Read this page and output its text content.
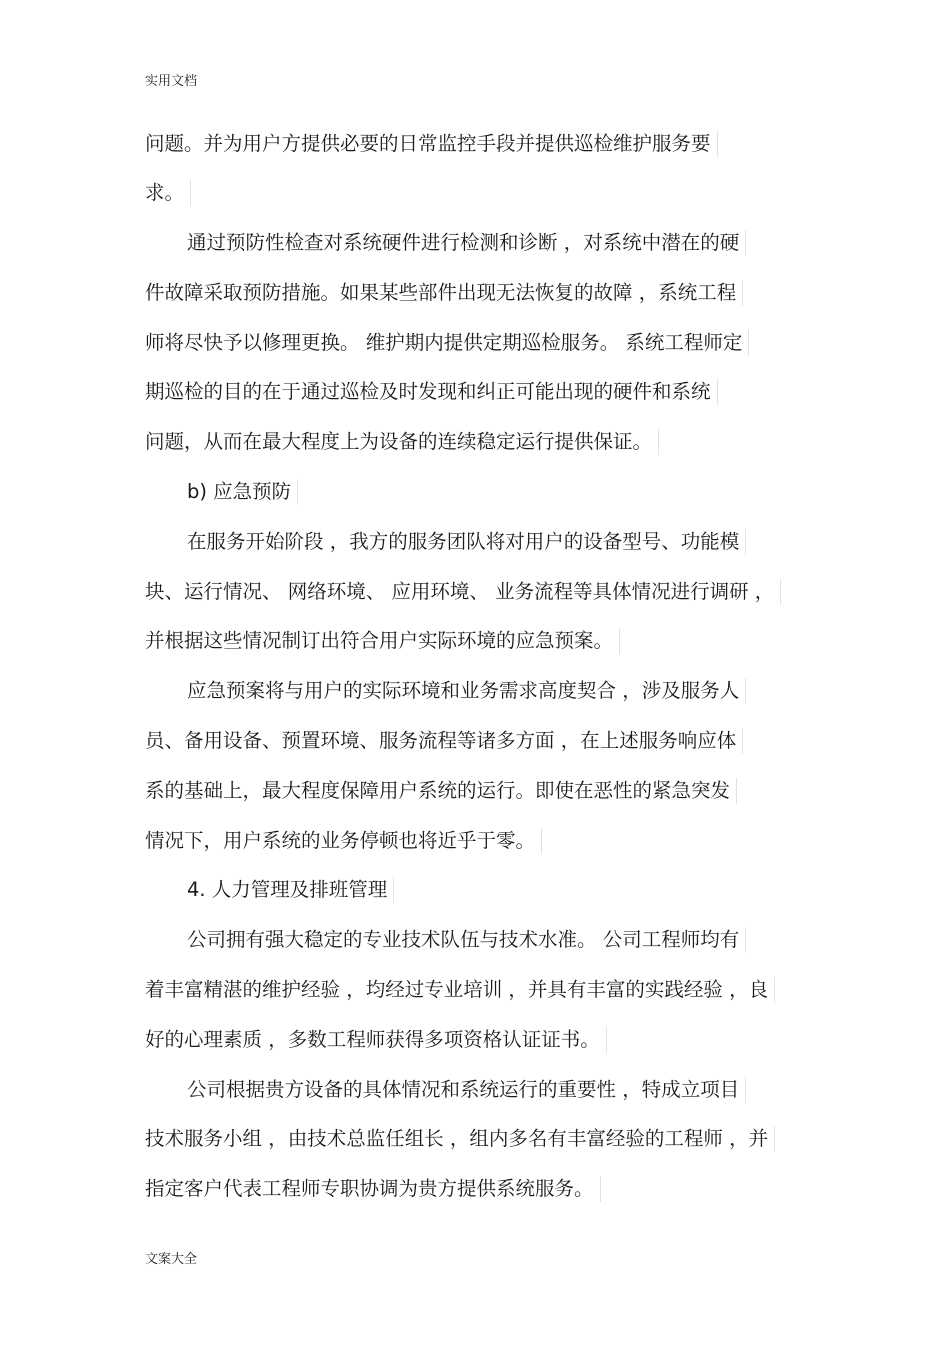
实用文档
问题。并为用户方提供必要的日常监控手段并提供巡检维护服务要
求。
通过预防性检查对系统硬件进行检测和诊断 ，对系统中潜在的硬
件故障采取预防措施。如果某些部件出现无法恢复的故障 ，系统工程
师将尽快予以修理更换。 维护期内提供定期巡检服务。 系统工程师定
期巡检的目的在于通过巡检及时发现和纠正可能出现的硬件和系统
问题，从而在最大程度上为设备的连续稳定运行提供保证。
b) 应急预防
在服务开始阶段 ，我方的服务团队将对用户的设备型号、功能模
块、运行情况、 网络环境、 应用环境、 业务流程等具体情况进行调研 ，
并根据这些情况制订出符合用户实际环境的应急预案。
应急预案将与用户的实际环境和业务需求高度契合 ，涉及服务人
员、备用设备、预置环境、服务流程等诸多方面 ，在上述服务响应体
系的基础上，最大程度保障用户系统的运行。即使在恶性的紧急突发
情况下，用户系统的业务停顿也将近乎于零。
4. 人力管理及排班管理
公司拥有强大稳定的专业技术队伍与技术水准。 公司工程师均有
着丰富精湛的维护经验 ，均经过专业培训 ，并具有丰富的实践经验 ，良
好的心理素质 ，多数工程师获得多项资格认证证书。
公司根据贵方设备的具体情况和系统运行的重要性 ，特成立项目
技术服务小组 ，由技术总监任组长 ，组内多名有丰富经验的工程师 ，并
指定客户代表工程师专职协调为贵方提供系统服务。
文案大全
